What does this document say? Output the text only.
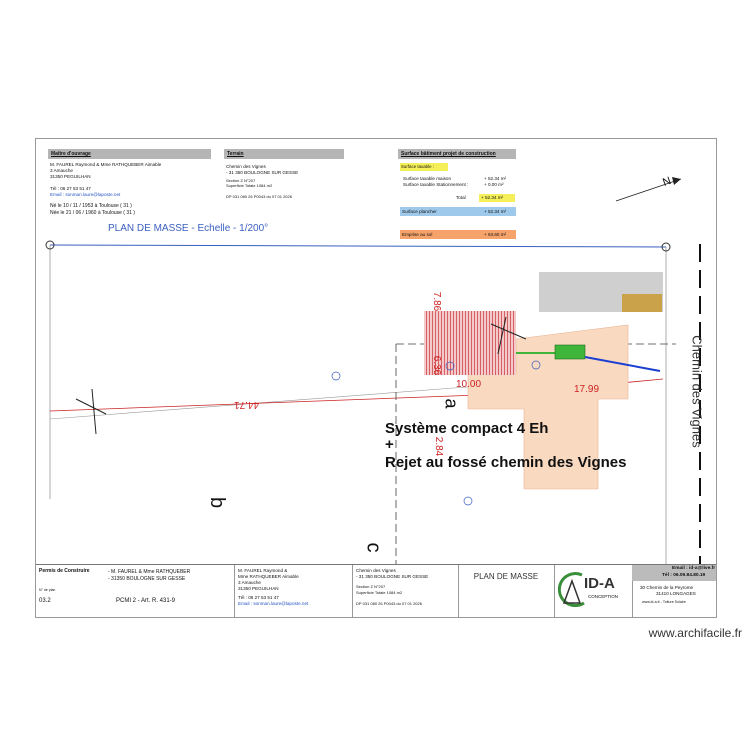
Maître d'ouvrage
M. FAUREL Raymond & Mme RATHQUEBER Aimable
3 Amauche
31350 PEGUILHAN
Tél : 06 27 53 51 47
Email : sonman.laure@laposte.net
Né le 10 / 11 / 1953 à Toulouse ( 31 )
Née le 21 / 06 / 1960 à Toulouse ( 31 )
Terrain
Chemin des Vignes
- 31 350 BOULOGNE SUR GESSE
Section Z N°207
Superficie Totale 1084 m2
DP 031 080 26 P0043 du 07 01 2026
Surface bâtiment projet de construction
Surface taxable :
Surface taxable maison	+ 52.34 m²
Surface taxable Stationnement :	+ 0.00 m²
Total	+ 52.34 m²
Surface plancher	+ 52.34 m²
Emprise au sol	+ 63.60 m²
PLAN DE MASSE - Echelle - 1/200°
N
Chemin des Vignes
7.86
6.36
10.00	17.99
44.71
2.84
a
b
c
Permis de Construire	- M. FAUREL & Mme RATHQUEBER
- 31350 BOULOGNE SUR GESSE
N° de plan
03.2	PCMI 2 - Art. R. 431-9
M. FAUREL Raymond &
Mme RATHQUEBER Aimable
3 Amauche
31350 PEGUILHAN
Tél : 06 27 53 51 47
Email : sonman.laure@laposte.net
Chemin des Vignes
- 31 350 BOULOGNE SUR GESSE
Section Z N°207
Superficie Totale 1084 m2
DP 031 080 26 P0043 du 07 01 2026
PLAN DE MASSE	ID-A
CONCEPTION
Email : id-a@live.fr
Tél : 06.09.84.80.19
30 Chemin de la Peyrome
31410 LONGAGES
www.id-a.fr - Toiture Solaire
Système compact 4 Eh
+
Rejet au fossé chemin des Vignes
www.archifacile.fr
